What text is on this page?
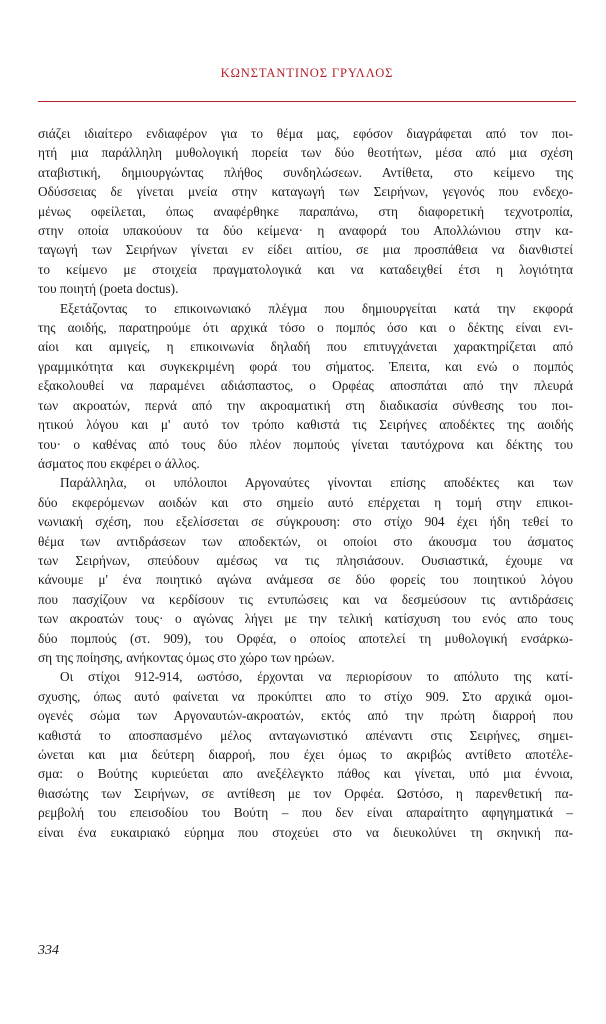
ΚΩΝΣΤΑΝΤΙΝΟΣ ΓΡΥΛΛΟΣ
σιάζει ιδιαίτερο ενδιαφέρον για το θέμα μας, εφόσον διαγράφεται από τον ποι-
ητή μια παράλληλη μυθολογική πορεία των δύο θεοτήτων, μέσα από μια σχέση
αταβιστική, δημιουργώντας πλήθος συνδηλώσεων. Αντίθετα, στο κείμενο της
Οδύσσειας δε γίνεται μνεία στην καταγωγή των Σειρήνων, γεγονός που ενδεχο-
μένως οφείλεται, όπως αναφέρθηκε παραπάνω, στη διαφορετική τεχνοτροπία,
στην οποία υπακούουν τα δύο κείμενα· η αναφορά του Απολλώνιου στην κα-
ταγωγή των Σειρήνων γίνεται εν είδει αιτίου, σε μια προσπάθεια να διανθιστεί
το κείμενο με στοιχεία πραγματολογικά και να καταδειχθεί έτσι η λογιότητα
του ποιητή (poeta doctus).
Εξετάζοντας το επικοινωνιακό πλέγμα που δημιουργείται κατά την εκφορά
της αοιδής, παρατηρούμε ότι αρχικά τόσο ο πομπός όσο και ο δέκτης είναι ενι-
αίοι και αμιγείς, η επικοινωνία δηλαδή που επιτυγχάνεται χαρακτηρίζεται από
γραμμικότητα και συγκεκριμένη φορά του σήματος. Έπειτα, και ενώ ο πομπός
εξακολουθεί να παραμένει αδιάσπαστος, ο Ορφέας αποσπάται από την πλευρά
των ακροατών, περνά από την ακροαματική στη διαδικασία σύνθεσης του ποι-
ητικού λόγου και μ' αυτό τον τρόπο καθιστά τις Σειρήνες αποδέκτες της αοιδής
του· ο καθένας από τους δύο πλέον πομπούς γίνεται ταυτόχρονα και δέκτης του
άσματος που εκφέρει ο άλλος.
Παράλληλα, οι υπόλοιποι Αργοναύτες γίνονται επίσης αποδέκτες και των
δύο εκφερόμενων αοιδών και στο σημείο αυτό επέρχεται η τομή στην επικοι-
νωνιακή σχέση, που εξελίσσεται σε σύγκρουση: στο στίχο 904 έχει ήδη τεθεί το
θέμα των αντιδράσεων των αποδεκτών, οι οποίοι στο άκουσμα του άσματος
των Σειρήνων, σπεύδουν αμέσως να τις πλησιάσουν. Ουσιαστικά, έχουμε να
κάνουμε μ' ένα ποιητικό αγώνα ανάμεσα σε δύο φορείς του ποιητικού λόγου
που πασχίζουν να κερδίσουν τις εντυπώσεις και να δεσμεύσουν τις αντιδράσεις
των ακροατών τους· ο αγώνας λήγει με την τελική κατίσχυση του ενός απο τους
δύο πομπούς (στ. 909), του Ορφέα, ο οποίος αποτελεί τη μυθολογική ενσάρκω-
ση της ποίησης, ανήκοντας όμως στο χώρο των ηρώων.
Οι στίχοι 912-914, ωστόσο, έρχονται να περιορίσουν το απόλυτο της κατί-
σχυσης, όπως αυτό φαίνεται να προκύπτει απο το στίχο 909. Στο αρχικά ομοι-
ογενές σώμα των Αργοναυτών-ακροατών, εκτός από την πρώτη διαρροή που
καθιστά το αποσπασμένο μέλος ανταγωνιστικό απέναντι στις Σειρήνες, σημει-
ώνεται και μια δεύτερη διαρροή, που έχει όμως το ακριβώς αντίθετο αποτέλε-
σμα: ο Βούτης κυριεύεται απο ανεξέλεγκτο πάθος και γίνεται, υπό μια έννοια,
θιασώτης των Σειρήνων, σε αντίθεση με τον Ορφέα. Ωστόσο, η παρενθετική πα-
ρεμβολή του επεισοδίου του Βούτη – που δεν είναι απαραίτητο αφηγηματικά –
είναι ένα ευκαιριακό εύρημα που στοχεύει στο να διευκολύνει τη σκηνική πα-
334
